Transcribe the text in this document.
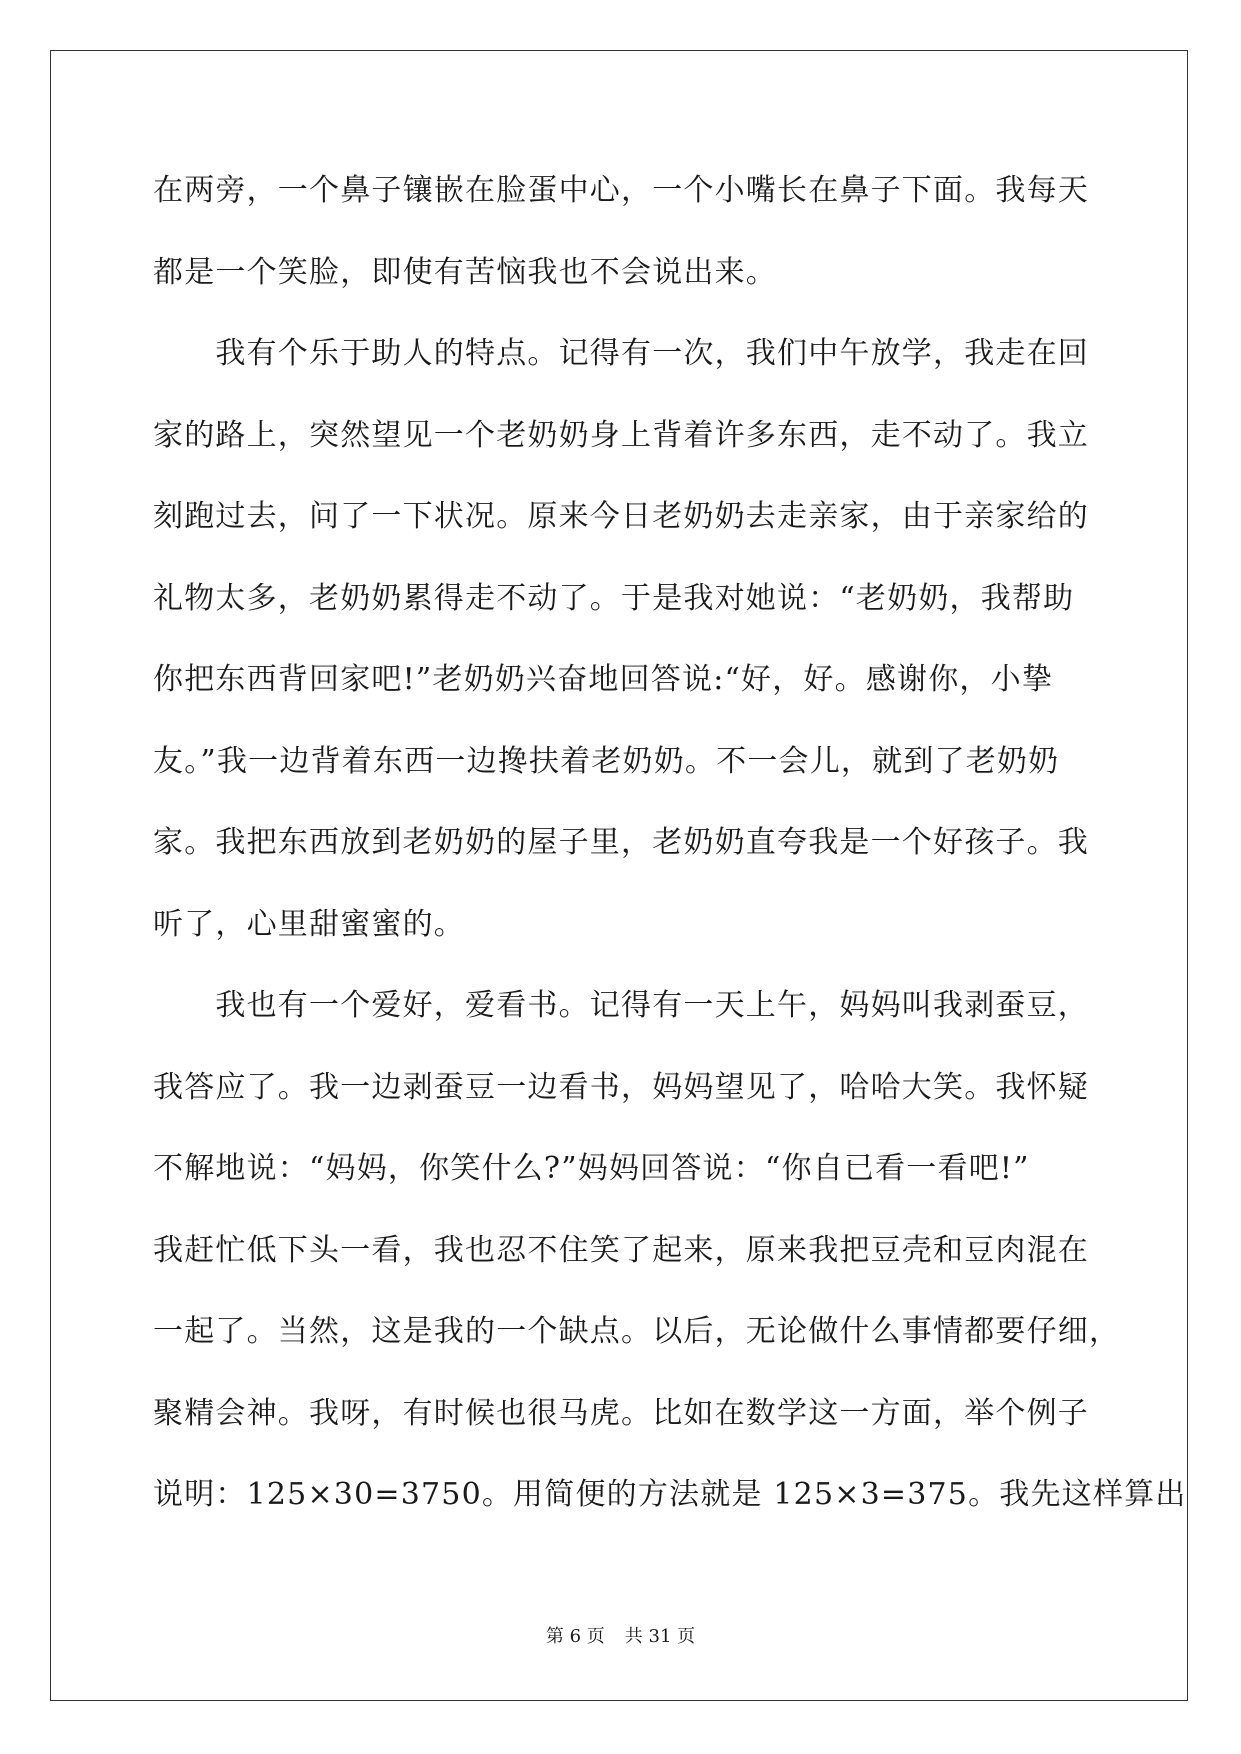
在两旁，一个鼻子镶嵌在脸蛋中心，一个小嘴长在鼻子下面。我每天
都是一个笑脸，即使有苦恼我也不会说出来。
　　我有个乐于助人的特点。记得有一次，我们中午放学，我走在回
家的路上，突然望见一个老奶奶身上背着许多东西，走不动了。我立
刻跑过去，问了一下状况。原来今日老奶奶去走亲家，由于亲家给的
礼物太多，老奶奶累得走不动了。于是我对她说：“老奶奶，我帮助
你把东西背回家吧!”老奶奶兴奋地回答说:“好，好。感谢你，小挚
友。”我一边背着东西一边搀扶着老奶奶。不一会儿，就到了老奶奶
家。我把东西放到老奶奶的屋子里，老奶奶直夸我是一个好孩子。我
听了，心里甜蜜蜜的。
　　我也有一个爱好，爱看书。记得有一天上午，妈妈叫我剥蚕豆，
我答应了。我一边剥蚕豆一边看书，妈妈望见了，哈哈大笑。我怀疑
不解地说：“妈妈，你笑什么?”妈妈回答说：“你自已看一看吧!”
我赶忙低下头一看，我也忍不住笑了起来，原来我把豆壳和豆肉混在
一起了。当然，这是我的一个缺点。以后，无论做什么事情都要仔细，
聚精会神。我呀，有时候也很马虎。比如在数学这一方面，举个例子
说明：125×30=3750。用简便的方法就是 125×3=375。我先这样算出
第 6 页 共 31 页
